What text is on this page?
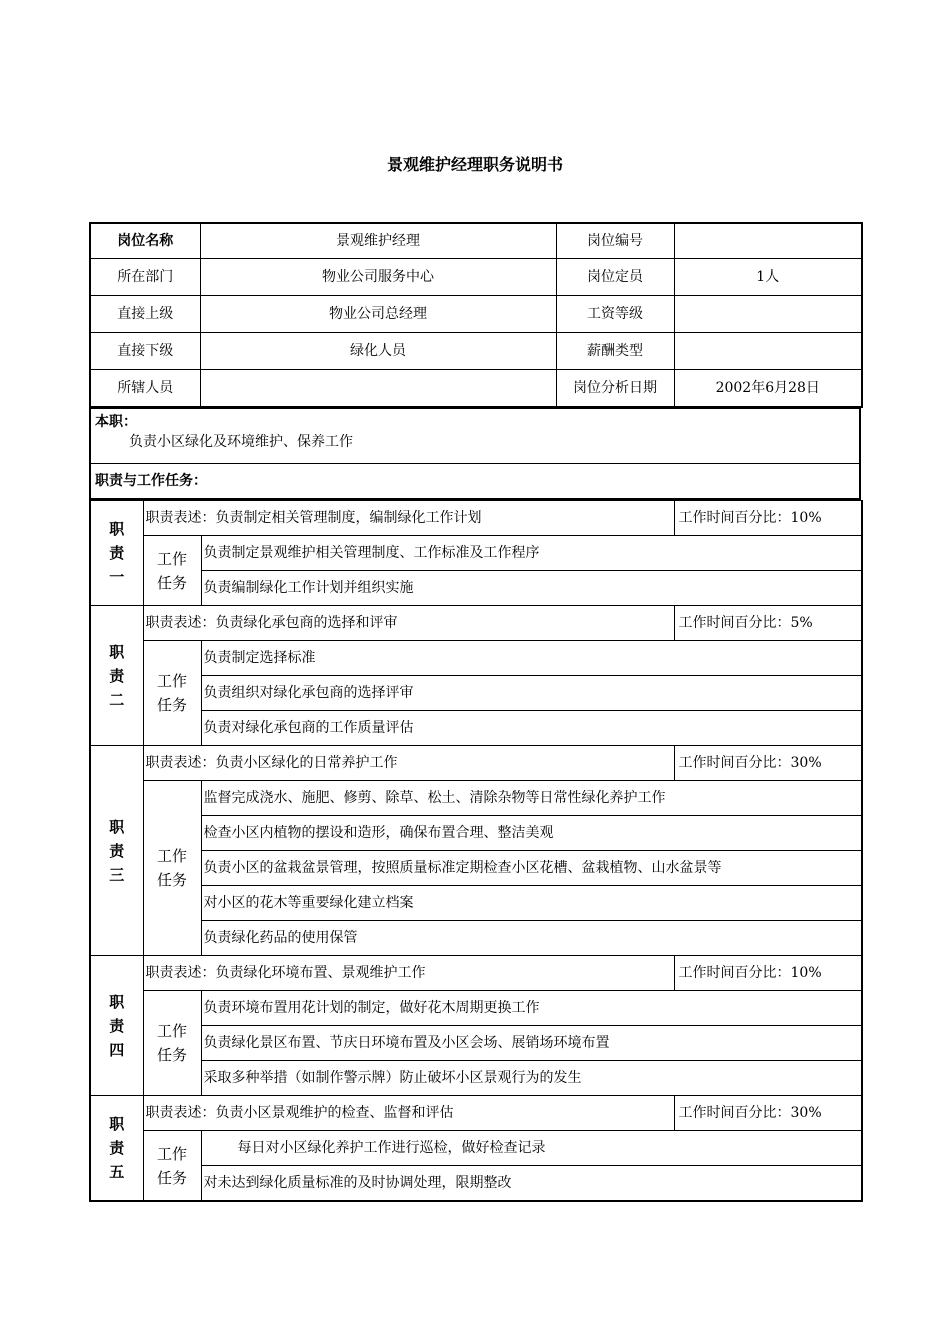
景观维护经理职务说明书
岗位名称	景观维护经理	岗位编号	
所在部门	物业公司服务中心	岗位定员	1人
直接上级	物业公司总经理	工资等级	
直接下级	绿化人员	薪酬类型	
所辖人员		岗位分析日期	2002年6月28日
本职：
负责小区绿化及环境维护、保养工作

职责与工作任务：
职
责
一	职责表述：负责制定相关管理制度，编制绿化工作计划		工作时间百分比：10%
	工作
任务	负责制定景观维护相关管理制度、工作标准及工作程序	
		负责编制绿化工作计划并组织实施	
职
责
二	职责表述：负责绿化承包商的选择和评审		工作时间百分比：5%
	工作
任务	负责制定选择标准	
		负责组织对绿化承包商的选择评审	
		负责对绿化承包商的工作质量评估	
职
责
三	职责表述：负责小区绿化的日常养护工作		工作时间百分比：30%
	工作
任务	监督完成浇水、施肥、修剪、除草、松土、清除杂物等日常性绿化养护工作	
		检查小区内植物的摆设和造形，确保布置合理、整洁美观	
		负责小区的盆栽盆景管理，按照质量标准定期检查小区花槽、盆栽植物、山水盆景等	
		对小区的花木等重要绿化建立档案	
		负责绿化药品的使用保管	
职
责
四	职责表述：负责绿化环境布置、景观维护工作		工作时间百分比：10%
	工作
任务	负责环境布置用花计划的制定，做好花木周期更换工作	
		负责绿化景区布置、节庆日环境布置及小区会场、展销场环境布置	
		采取多种举措（如制作警示牌）防止破坏小区景观行为的发生	
职
责
五	职责表述：负责小区景观维护的检查、监督和评估		工作时间百分比：30%
	工作
任务	每日对小区绿化养护工作进行巡检，做好检查记录	
		对未达到绿化质量标准的及时协调处理，限期整改	
